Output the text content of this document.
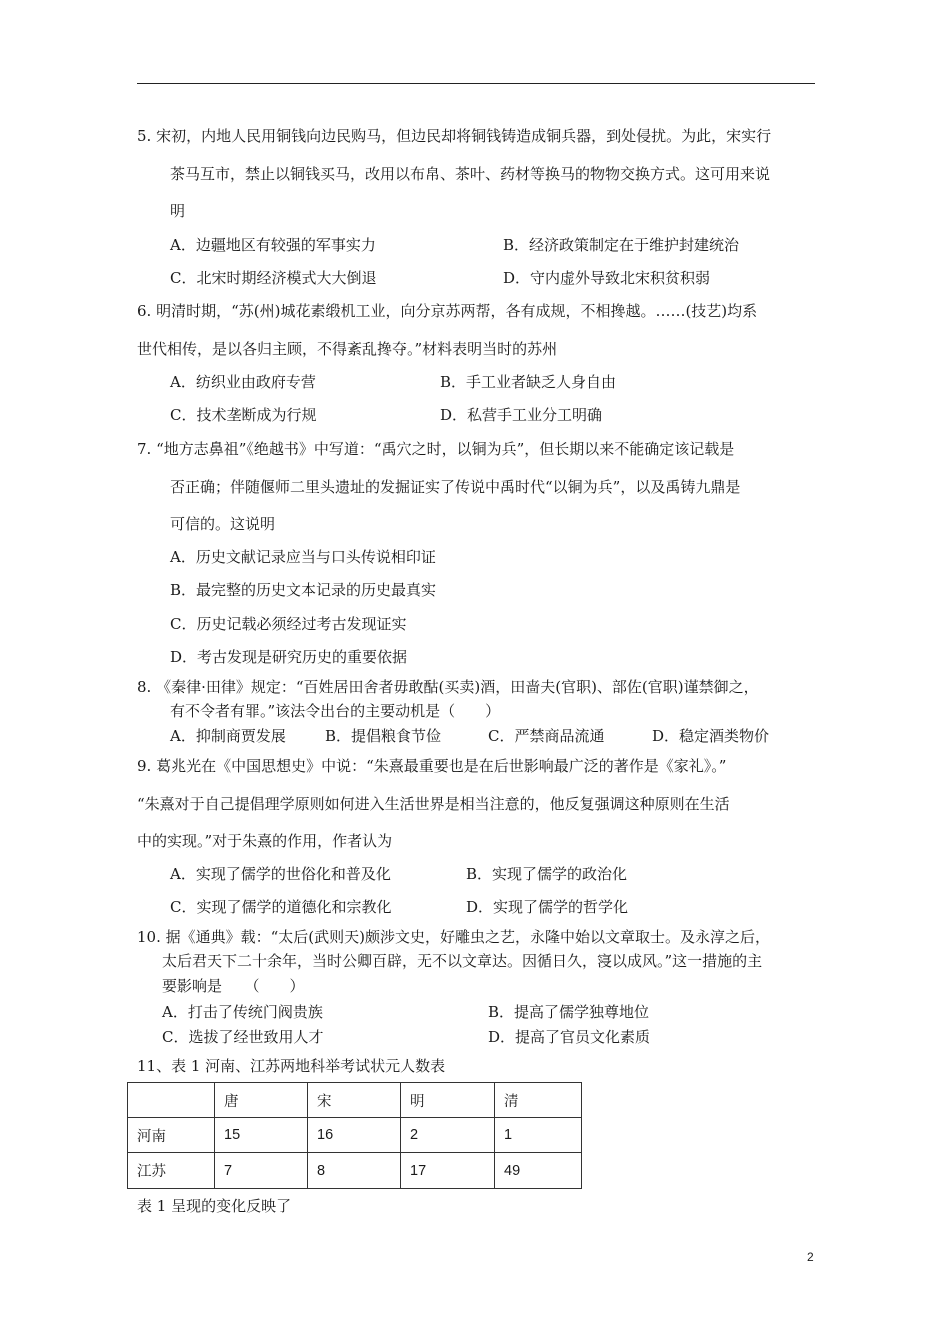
5. 宋初，内地人民用铜钱向边民购马，但边民却将铜钱铸造成铜兵器，到处侵扰。为此，宋实行
茶马互市，禁止以铜钱买马，改用以布帛、茶叶、药材等换马的物物交换方式。这可用来说
明
A．边疆地区有较强的军事实力	B．经济政策制定在于维护封建统治
C．北宋时期经济模式大大倒退	D．守内虚外导致北宋积贫积弱
6. 明清时期，“苏(州)城花素缎机工业，向分京苏两帮，各有成规，不相搀越。……(技艺)均系
世代相传，是以各归主顾，不得紊乱搀夺。”材料表明当时的苏州
A．纺织业由政府专营	B．手工业者缺乏人身自由
C．技术垄断成为行规	D．私营手工业分工明确
7. “地方志鼻祖”《绝越书》中写道：“禹穴之时，以铜为兵”，但长期以来不能确定该记载是
否正确；伴随偃师二里头遗址的发掘证实了传说中禹时代“以铜为兵”，以及禹铸九鼎是
可信的。这说明
A．历史文献记录应当与口头传说相印证
B．最完整的历史文本记录的历史最真实
C．历史记载必须经过考古发现证实
D．考古发现是研究历史的重要依据
8. 《秦律·田律》规定：“百姓居田舍者毋敢酤(买卖)酒，田啬夫(官职)、部佐(官职)谨禁御之，
有不令者有罪。”该法令出台的主要动机是（　　）
A．抑制商贾发展	B．提倡粮食节俭	C．严禁商品流通	D．稳定酒类物价
9. 葛兆光在《中国思想史》中说：“朱熹最重要也是在后世影响最广泛的著作是《家礼》。”
“朱熹对于自己提倡理学原则如何进入生活世界是相当注意的，他反复强调这种原则在生活
中的实现。”对于朱熹的作用，作者认为
A．实现了儒学的世俗化和普及化	B．实现了儒学的政治化
C．实现了儒学的道德化和宗教化	D．实现了儒学的哲学化
10. 据《通典》载：“太后(武则天)颇涉文史，好雕虫之艺，永隆中始以文章取士。及永淳之后，
太后君天下二十余年，当时公卿百辟，无不以文章达。因循日久，寖以成风。”这一措施的主
要影响是　　（　　）
A．打击了传统门阀贵族	B．提高了儒学独尊地位
C．选拔了经世致用人才	D．提高了官员文化素质
11、表 1 河南、江苏两地科举考试状元人数表
	唐	宋	明	清
河南	15	16	2	1
江苏	7	8	17	49
表 1 呈现的变化反映了
2
